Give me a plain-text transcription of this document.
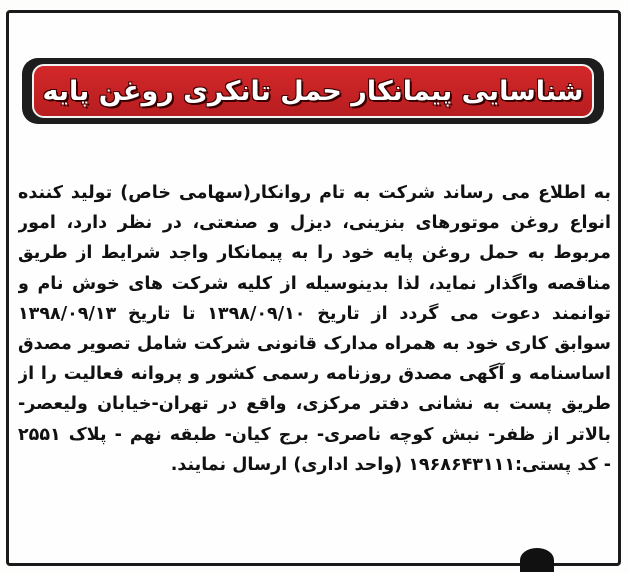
شناسایی پیمانکار حمل تانکری روغن پایه
به اطلاع می رساند شرکت به تام روانکار(سهامی خاص) تولید کننده
انواع روغن موتورهای بنزینی، دیزل و صنعتی، در نظر دارد، امور
مربوط به حمل روغن پایه خود را به پیمانکار واجد شرایط از طریق
مناقصه واگذار نماید، لذا بدینوسیله از کلیه شرکت های خوش نام و
توانمند دعوت می گردد از تاریخ ۱۳۹۸/۰۹/۱۰ تا تاریخ ۱۳۹۸/۰۹/۱۳
سوابق کاری خود به همراه مدارک قانونی شرکت شامل تصویر مصدق
اساسنامه و آگهی مصدق روزنامه رسمی کشور و پروانه فعالیت را از
طریق پست به نشانی دفتر مرکزی، واقع در تهران-خیابان ولیعصر-
بالاتر از ظفر- نبش کوچه ناصری- برج کیان- طبقه نهم - پلاک ۲۵۵۱
- کد پستی:۱۹۶۸۶۴۳۱۱۱ (واحد اداری) ارسال نمایند.
